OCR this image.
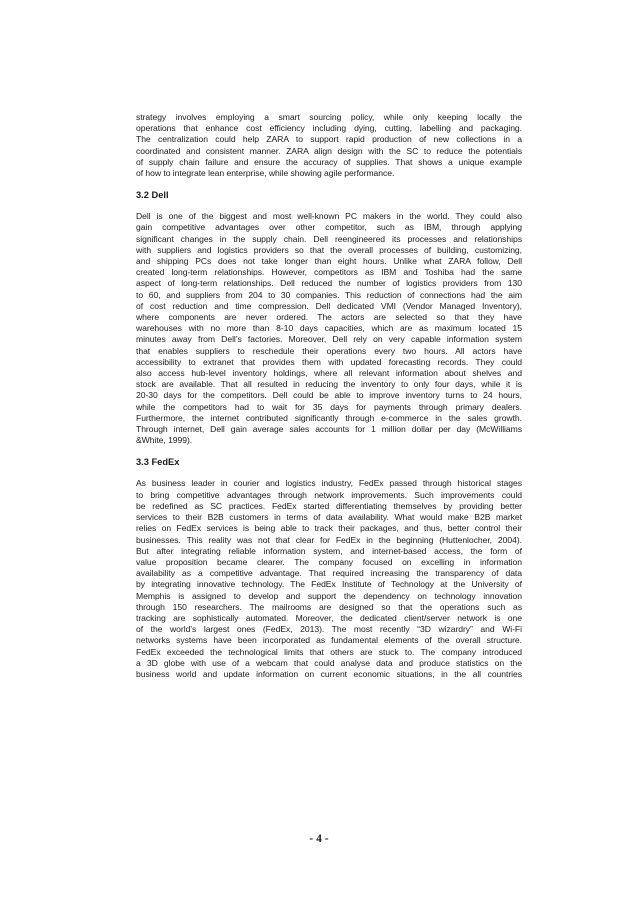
strategy involves employing a smart sourcing policy, while only keeping locally the

operations that enhance cost efficiency including dying, cutting, labelling and packaging.

The centralization could help ZARA to support rapid production of new collections in a

coordinated and consistent manner. ZARA align design with the SC to reduce the potentials

of supply chain failure and ensure the accuracy of supplies. That shows a unique example

of how to integrate lean enterprise, while showing agile performance.

3.2 Dell

Dell is one of the biggest and most well-known PC makers in the world. They could also

gain competitive advantages over other competitor, such as IBM, through applying

significant changes in the supply chain. Dell reengineered its processes and relationships

with suppliers and logistics providers so that the overall processes of building, customizing,

and shipping PCs does not take longer than eight hours. Unlike what ZARA follow, Dell

created long-term relationships. However, competitors as IBM and Toshiba had the same

aspect of long-term relationships. Dell reduced the number of logistics providers from 130

to 60, and suppliers from 204 to 30 companies. This reduction of connections had the aim

of cost reduction and time compression. Dell dedicated VMI (Vendor Managed Inventory),

where components are never ordered. The actors are selected so that they have

warehouses with no more than 8-10 days capacities, which are as maximum located 15

minutes away from Dell’s factories. Moreover, Dell rely on very capable information system

that enables suppliers to reschedule their operations every two hours. All actors have

accessibility to extranet that provides them with updated forecasting records. They could

also access hub-level inventory holdings, where all relevant information about shelves and

stock are available. That all resulted in reducing the inventory to only four days, while it is

20-30 days for the competitors. Dell could be able to improve inventory turns to 24 hours,

while the competitors had to wait for 35 days for payments through primary dealers.

Furthermore, the internet contributed significantly through e-commerce in the sales growth.

Through internet, Dell gain average sales accounts for 1 million dollar per day (McWilliams

&White, 1999).

3.3 FedEx

As business leader in courier and logistics industry, FedEx passed through historical stages

to bring competitive advantages through network improvements. Such improvements could

be redefined as SC practices. FedEx started differentiating themselves by providing better

services to their B2B customers in terms of data availability. What would make B2B market

relies on FedEx services is being able to track their packages, and thus, better control their

businesses. This reality was not that clear for FedEx in the beginning (Huttenlocher, 2004).

But after integrating reliable information system, and internet-based access, the form of

value proposition became clearer. The company focused on excelling in information

availability as a competitive advantage. That required increasing the transparency of data

by integrating innovative technology. The FedEx Institute of Technology at the University of

Memphis is assigned to develop and support the dependency on technology innovation

through 150 researchers. The mailrooms are designed so that the operations such as

tracking are sophistically automated. Moreover, the dedicated client/server network is one

of the world’s largest ones (FedEx, 2013). The most recently “3D wizardry” and Wi-Fi

networks systems have been incorporated as fundamental elements of the overall structure.

FedEx exceeded the technological limits that others are stuck to. The company introduced

a 3D globe with use of a webcam that could analyse data and produce statistics on the

business world and update information on current economic situations, in the all countries

- 4 -
